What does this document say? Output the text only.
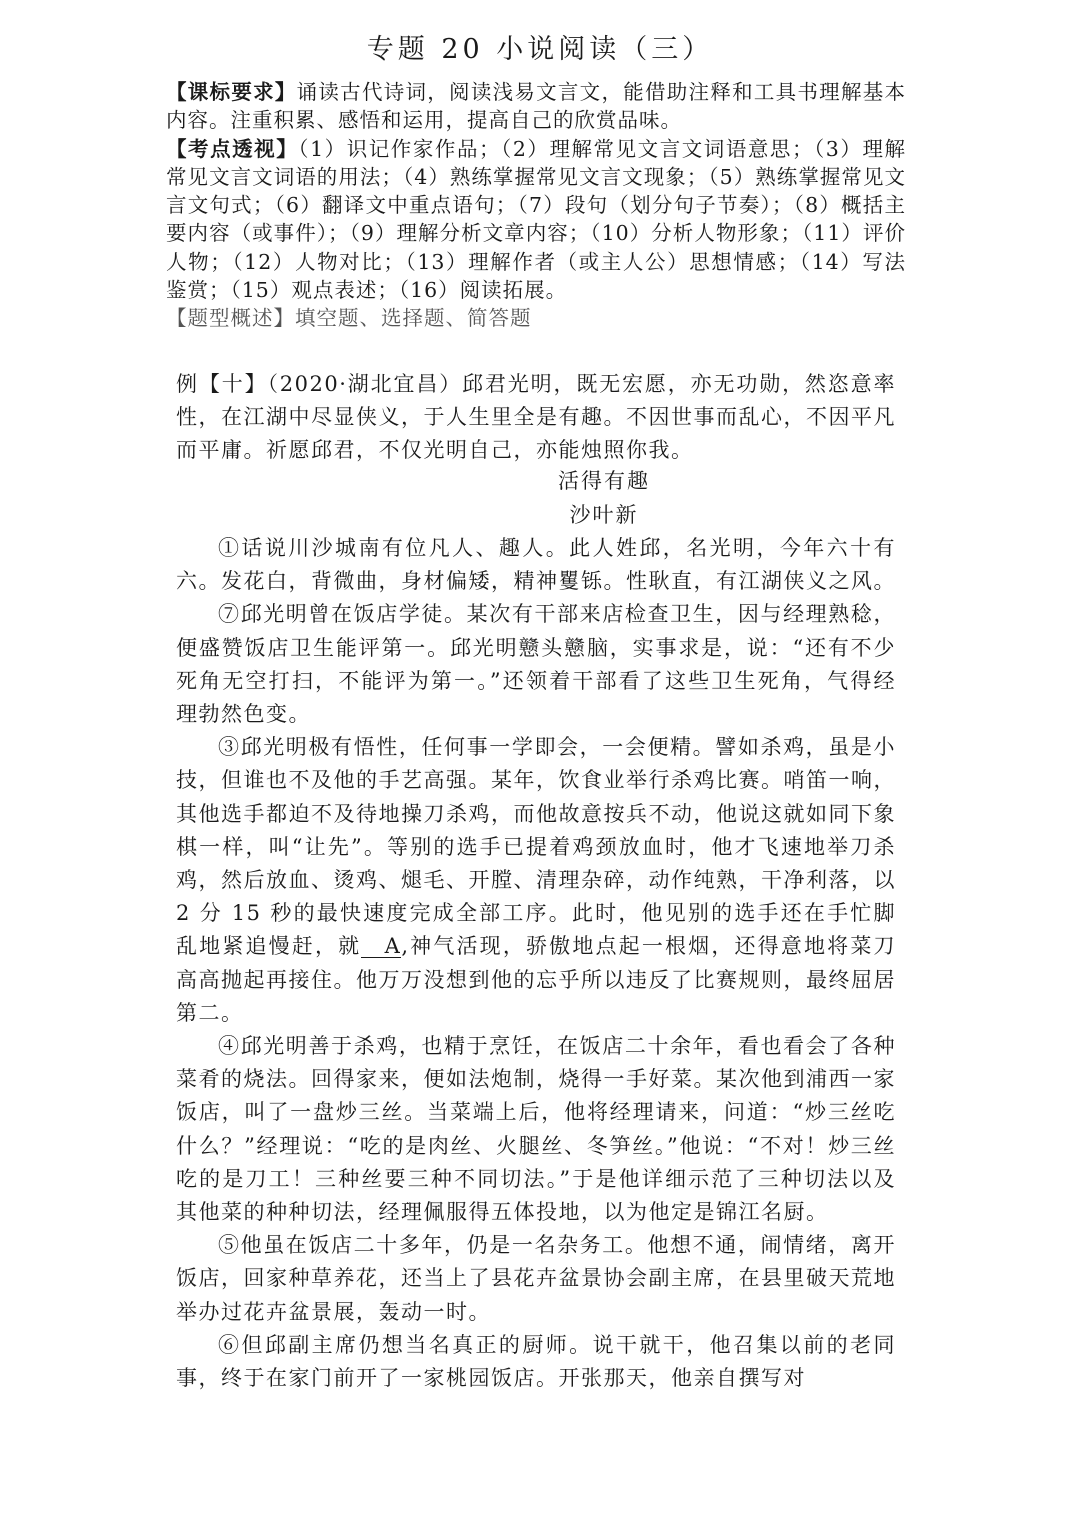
专题 20 小说阅读（三）

【课标要求】诵读古代诗词，阅读浅易文言文，能借助注释和工具书理解基本内容。注重积累、感悟和运用，提高自己的欣赏品味。

【考点透视】（1）识记作家作品；（2）理解常见文言文词语意思；（3）理解常见文言文词语的用法；（4）熟练掌握常见文言文现象；（5）熟练掌握常见文言文句式；（6）翻译文中重点语句；（7）段句（划分句子节奏）；（8）概括主要内容（或事件）；（9）理解分析文章内容；（10）分析人物形象；（11）评价人物；（12）人物对比；（13）理解作者（或主人公）思想情感；（14）写法鉴赏；（15）观点表述；（16）阅读拓展。

【题型概述】填空题、选择题、简答题

例【十】（2020·湖北宜昌）邱君光明，既无宏愿，亦无功勋，然恣意率性，在江湖中尽显侠义，于人生里全是有趣。不因世事而乱心，不因平凡而平庸。祈愿邱君，不仅光明自己，亦能烛照你我。

活得有趣
沙叶新

①话说川沙城南有位凡人、趣人。此人姓邱，名光明，今年六十有六。发花白，背微曲，身材偏矮，精神矍铄。性耿直，有江湖侠义之风。

⑦邱光明曾在饭店学徒。某次有干部来店检查卫生，因与经理熟稔，便盛赞饭店卫生能评第一。邱光明戆头戆脑，实事求是，说：“还有不少死角无空打扫，不能评为第一。”还领着干部看了这些卫生死角，气得经理勃然色变。

③邱光明极有悟性，任何事一学即会，一会便精。譬如杀鸡，虽是小技，但谁也不及他的手艺高强。某年，饮食业举行杀鸡比赛。哨笛一响，其他选手都迫不及待地操刀杀鸡，而他故意按兵不动，他说这就如同下象棋一样，叫“让先”。等别的选手已提着鸡颈放血时，他才飞速地举刀杀鸡，然后放血、烫鸡、煺毛、开膛、清理杂碎，动作纯熟，干净利落，以 2 分 15 秒的最快速度完成全部工序。此时，他见别的选手还在手忙脚乱地紧追慢赶，就 A,神气活现，骄傲地点起一根烟，还得意地将菜刀高高抛起再接住。他万万没想到他的忘乎所以违反了比赛规则，最终屈居第二。

④邱光明善于杀鸡，也精于烹饪，在饭店二十余年，看也看会了各种菜肴的烧法。回得家来，便如法炮制，烧得一手好菜。某次他到浦西一家饭店，叫了一盘炒三丝。当菜端上后，他将经理请来，问道：“炒三丝吃什么？”经理说：“吃的是肉丝、火腿丝、冬笋丝。”他说：“不对！炒三丝吃的是刀工！三种丝要三种不同切法。”于是他详细示范了三种切法以及其他菜的种种切法，经理佩服得五体投地，以为他定是锦江名厨。

⑤他虽在饭店二十多年，仍是一名杂务工。他想不通，闹情绪，离开饭店，回家种草养花，还当上了县花卉盆景协会副主席，在县里破天荒地举办过花卉盆景展，轰动一时。

⑥但邱副主席仍想当名真正的厨师。说干就干，他召集以前的老同事，终于在家门前开了一家桃园饭店。开张那天，他亲自撰写对
